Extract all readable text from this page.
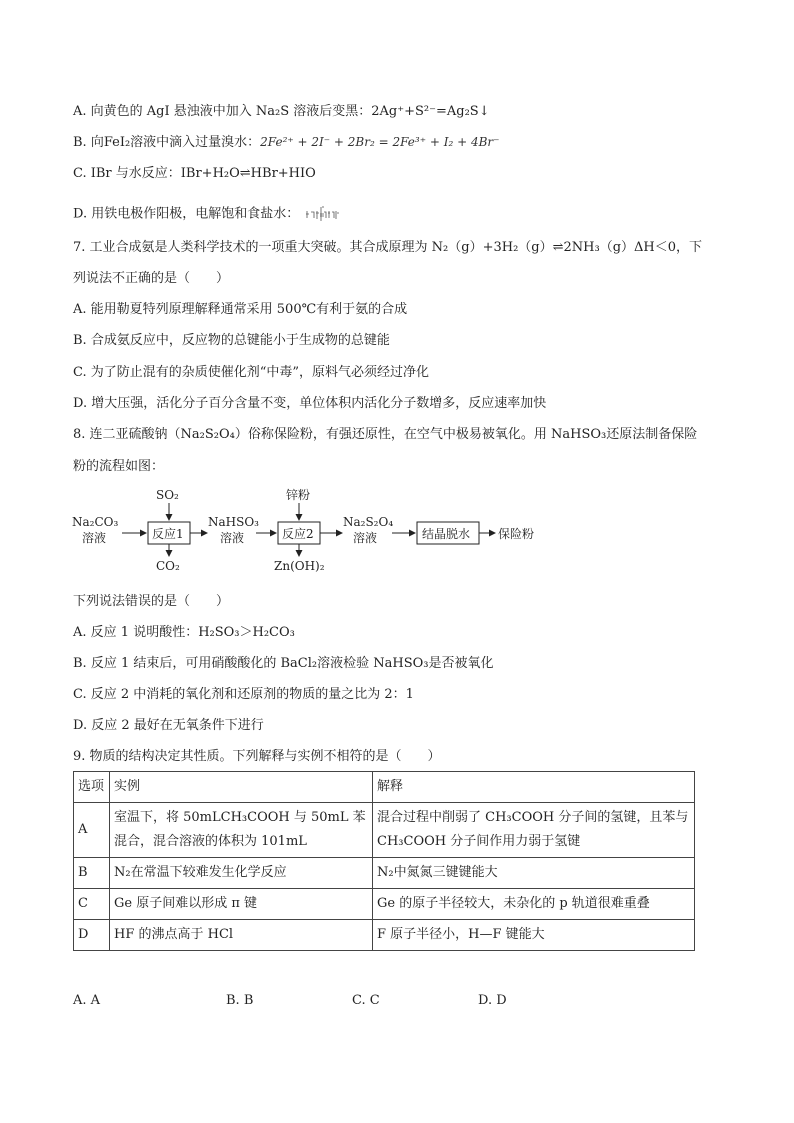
A. 向黄色的 AgI 悬浊液中加入 Na₂S 溶液后变黑：2Ag⁺+S²⁻=Ag₂S↓
B. 向FeI₂溶液中滴入过量溴水：2Fe²⁺ + 2I⁻ + 2Br₂ = 2Fe³⁺ + I₂ + 4Br⁻
C. IBr 与水反应：IBr+H₂O⇌HBr+HIO
D. 用铁电极作阳极，电解饱和食盐水：
7. 工业合成氨是人类科学技术的一项重大突破。其合成原理为 N₂（g）+3H₂（g）⇌2NH₃（g）ΔH＜0，下
列说法不正确的是（　　）
A. 能用勒夏特列原理解释通常采用 500℃有利于氨的合成
B. 合成氨反应中，反应物的总键能小于生成物的总键能
C. 为了防止混有的杂质使催化剂“中毒”，原料气必须经过净化
D. 增大压强，活化分子百分含量不变，单位体积内活化分子数增多，反应速率加快
8. 连二亚硫酸钠（Na₂S₂O₄）俗称保险粉，有强还原性，在空气中极易被氧化。用 NaHSO₃还原法制备保险
粉的流程如图：
Na₂CO₃
溶液	反应1
SO₂
CO₂
NaHSO₃
溶液	反应2
锌粉
Zn(OH)₂
Na₂S₂O₄
溶液	结晶脱水 保险粉
下列说法错误的是（　　）
A. 反应 1 说明酸性：H₂SO₃＞H₂CO₃
B. 反应 1 结束后，可用硝酸酸化的 BaCl₂溶液检验 NaHSO₃是否被氧化
C. 反应 2 中消耗的氧化剂和还原剂的物质的量之比为 2：1
D. 反应 2 最好在无氧条件下进行
9. 物质的结构决定其性质。下列解释与实例不相符的是（　　）
选项	实例	解释
A	室温下，将 50mLCH₃COOH 与 50mL 苯混合，混合溶液的体积为 101mL	混合过程中削弱了 CH₃COOH 分子间的氢键，且苯与 CH₃COOH 分子间作用力弱于氢键
B	N₂在常温下较难发生化学反应	N₂中氮氮三键键能大
C	Ge 原子间难以形成 π 键	Ge 的原子半径较大，未杂化的 p 轨道很难重叠
D	HF 的沸点高于 HCl	F 原子半径小，H—F 键能大
A. A	B. B	C. C	D. D
